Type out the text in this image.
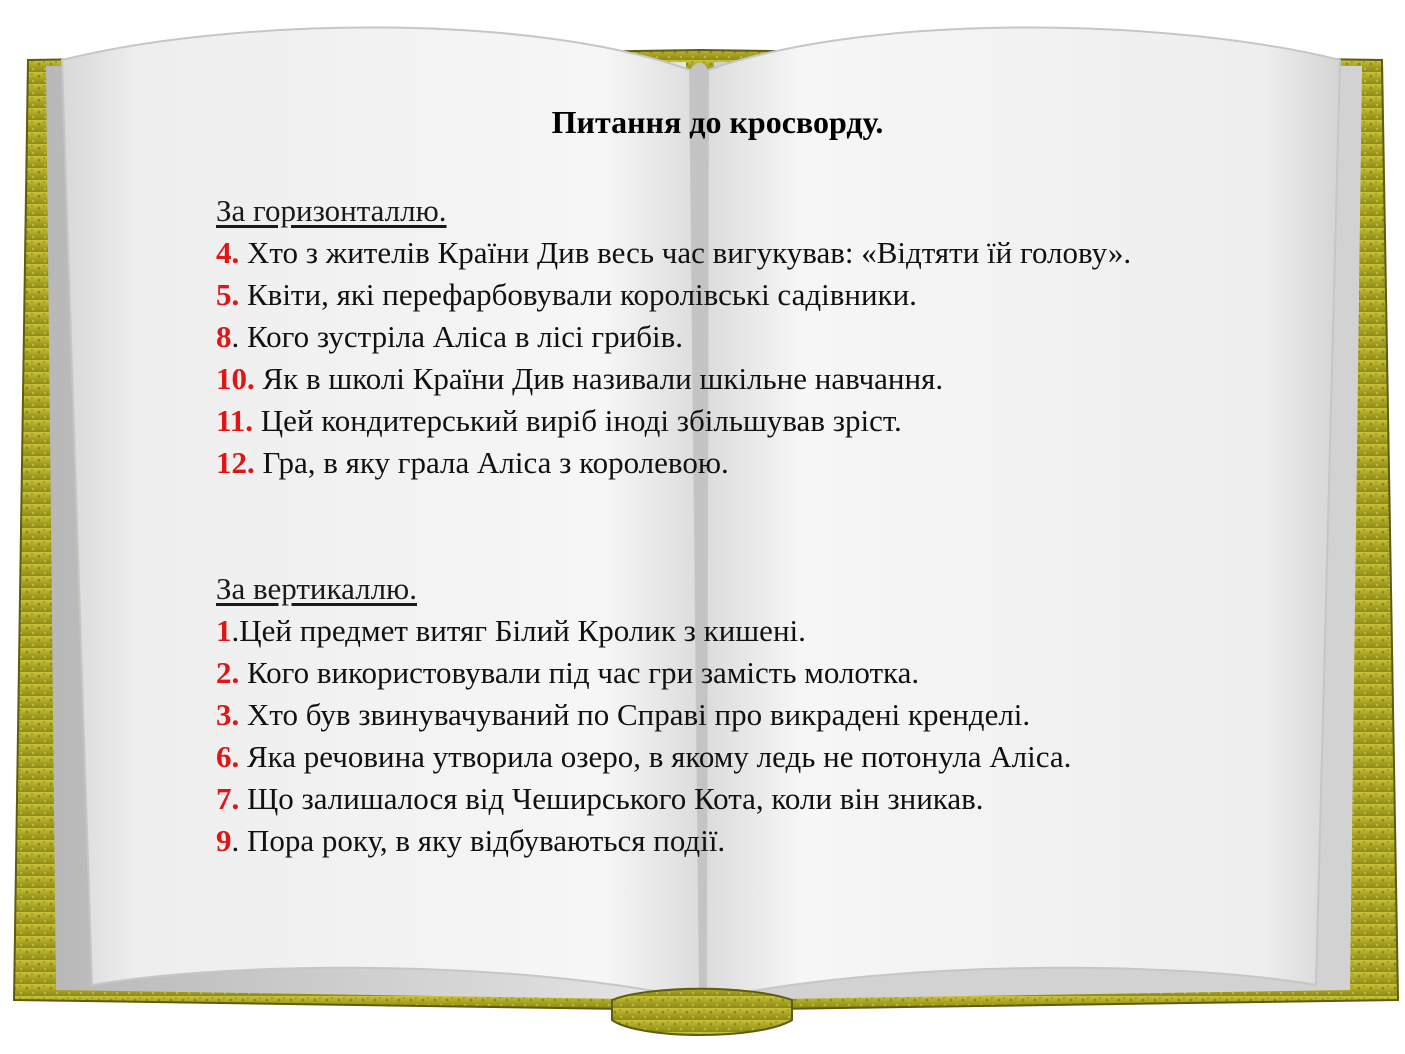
Питання до кросворду.

За горизонталлю.

4. Хто з жителів Країни Див весь час вигукував: «Відтяти їй голову».

5. Квіти, які перефарбовували королівські садівники.

8. Кого зустріла Аліса в лісі грибів.

10. Як в школі Країни Див називали шкільне навчання.

11. Цей кондитерський виріб іноді збільшував зріст.

12. Гра, в яку грала Аліса з королевою.

За вертикаллю.

1.Цей предмет витяг Білий Кролик з кишені.

2. Кого використовували під час гри замість молотка.

3. Хто був звинувачуваний по Справі про викрадені кренделі.

6. Яка речовина утворила озеро, в якому ледь не потонула Аліса.

7. Що залишалося від Чеширського Кота, коли він зникав.

9. Пора року, в яку відбуваються події.
